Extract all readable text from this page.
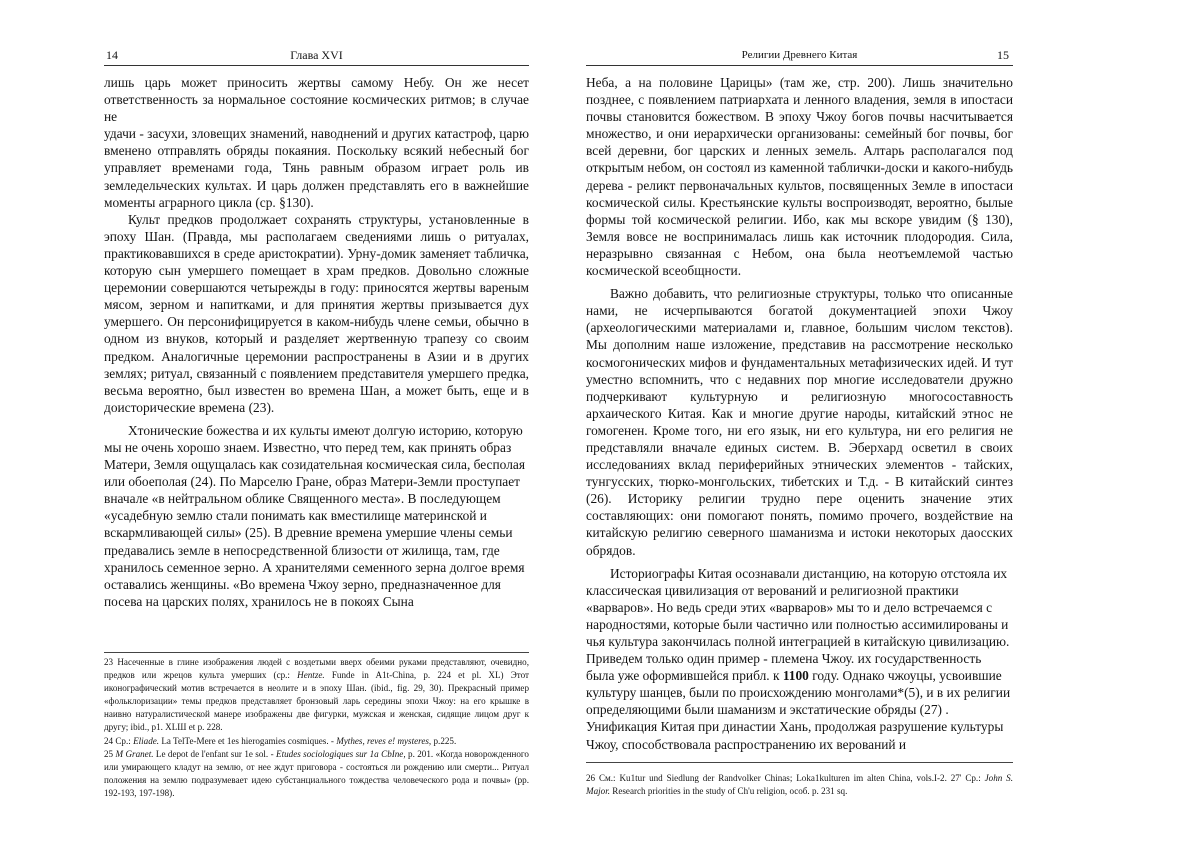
14	Глава XVI

лишь царь может приносить жертвы самому Небу. Он же несет ответственность за нормальное состояние космических ритмов; в случае не

удачи - засухи, зловещих знамений, наводнений и других катастроф, царю вменено отправлять обряды покаяния. Поскольку всякий небесный бог управляет временами года, Тянь равным образом играет роль ив земледельческих культах. И царь должен представлять его в важнейшие моменты аграрного цикла (ср. §130).

Культ предков продолжает сохранять структуры, установленные в эпоху Шан. (Правда, мы располагаем сведениями лишь о ритуалах, практиковавшихся в среде аристократии). Урну-домик заменяет табличка, которую сын умершего помещает в храм предков. Довольно сложные церемонии совершаются четырежды в году: приносятся жертвы вареным мясом, зерном и напитками, и для принятия жертвы призывается дух умершего. Он персонифицируется в каком-нибудь члене семьи, обычно в одном из внуков, который и разделяет жертвенную трапезу со своим предком. Аналогичные церемонии распространены в Азии и в других землях; ритуал, связанный с появлением представителя умершего предка, весьма вероятно, был известен во времена Шан, а может быть, еще и в доисторические времена (23).

Хтонические божества и их культы имеют долгую историю, которую мы не очень хорошо знаем. Известно, что перед тем, как принять образ Матери, Земля ощущалась как созидательная космическая сила, бесполая или обоеполая (24). По Марселю Гране, образ Матери-Земли проступает вначале «в нейтральном облике Священного места». В последующем «усадебную землю стали понимать как вместилище материнской и вскармливающей силы» (25). В древние времена умершие члены семьи предавались земле в непосредственной близости от жилища, там, где хранилось семенное зерно. А хранителями семенного зерна долгое время оставались женщины. «Во времена Чжоу зерно, предназначенное для посева на царских полях, хранилось не в покоях Сына

23 Насеченные в глине изображения людей с воздетыми вверх обеими руками представляют, очевидно, предков или жрецов культа умерших (ср.: Hentze. Funde in A1t-China, p. 224 et pl. XL) Этот иконографический мотив встречается в неолите и в эпоху Шан. (ibid., fig. 29, 30). Прекрасный пример «фольклоризации» темы предков представляет бронзовый ларь середины эпохи Чжоу: на его крышке в наивно натуралистической манере изображены две фигурки, мужская и женская, сидящие лицом друг к другу; ibid., p1. XLШ et p. 228.

24 Ср.: Eliade. La TelTe-Mere et 1es hierogamies cosmiques. - Mythes, reves e! mysteres, p.225.

25 M Granet. Le depot de l'enfant sur 1e sol. - Etudes sociologiques sur 1a CbIne, p. 201. «Когда новорожденного или умирающего кладут на землю, от нее ждут приговора - состояться ли рождению или смерти... Ритуал положения на землю подразумевает идею субстанциального тождества человеческого рода и почвы» (pp. 192-193, 197-198).

Религии Древнего Китая	15

Неба, а на половине Царицы» (там же, стр. 200). Лишь значительно позднее, с появлением патриархата и ленного владения, земля в ипостаси почвы становится божеством. В эпоху Чжоу богов почвы насчитывается множество, и они иерархически организованы: семейный бог почвы, бог всей деревни, бог царских и ленных земель. Алтарь располагался под открытым небом, он состоял из каменной таблички-доски и какого-нибудь дерева - реликт первоначальных культов, посвященных Земле в ипостаси космической силы. Крестьянские культы воспроизводят, вероятно, былые формы той космической религии. Ибо, как мы вскоре увидим (§ 130), Земля вовсе не воспринималась лишь как источник плодородия. Сила, неразрывно связанная с Небом, она была неотъемлемой частью космической всеобщности.

Важно добавить, что религиозные структуры, только что описанные нами, не исчерпываются богатой документацией эпохи Чжоу (археологическими материалами и, главное, большим числом текстов). Мы дополним наше изложение, представив на рассмотрение несколько космогонических мифов и фундаментальных метафизических идей. И тут уместно вспомнить, что с недавних пор многие исследователи дружно подчеркивают культурную и религиозную многосоставность архаического Китая. Как и многие другие народы, китайский этнос не гомогенен. Кроме того, ни его язык, ни его культура, ни его религия не представляли вначале единых систем. В. Эберхард осветил в своих исследованиях вклад периферийных этнических элементов - тайских, тунгусских, тюрко-монгольских, тибетских и Т.д. - В китайский синтез (26). Историку религии трудно пере оценить значение этих составляющих: они помогают понять, помимо прочего, воздействие на китайскую религию северного шаманизма и истоки некоторых даосских обрядов.

Историографы Китая осознавали дистанцию, на которую отстояла их классическая цивилизация от верований и религиозной практики «варваров». Но ведь среди этих «варваров» мы то и дело встречаемся с народностями, которые были частично или полностью ассимилированы и чья культура закончилась полной интеграцией в китайскую цивилизацию. Приведем только один пример - племена Чжоу. их государственность была уже оформившейся прибл. к 1100 году. Однако чжоуцы, усвоившие культуру шанцев, были по происхождению монголами*(5), и в их религии определяющими были шаманизм и экстатические обряды (27) . Унификация Китая при династии Хань, продолжая разрушение культуры Чжоу, способствовала распространению их верований и

26 См.: Ku1tur und Siedlung der Randvolker Chinas; Loka1kulturen im alten China, vols.I-2. 27' Ср.: John S. Major. Research priorities in the study of Ch'u religion, особ. р. 231 sq.
